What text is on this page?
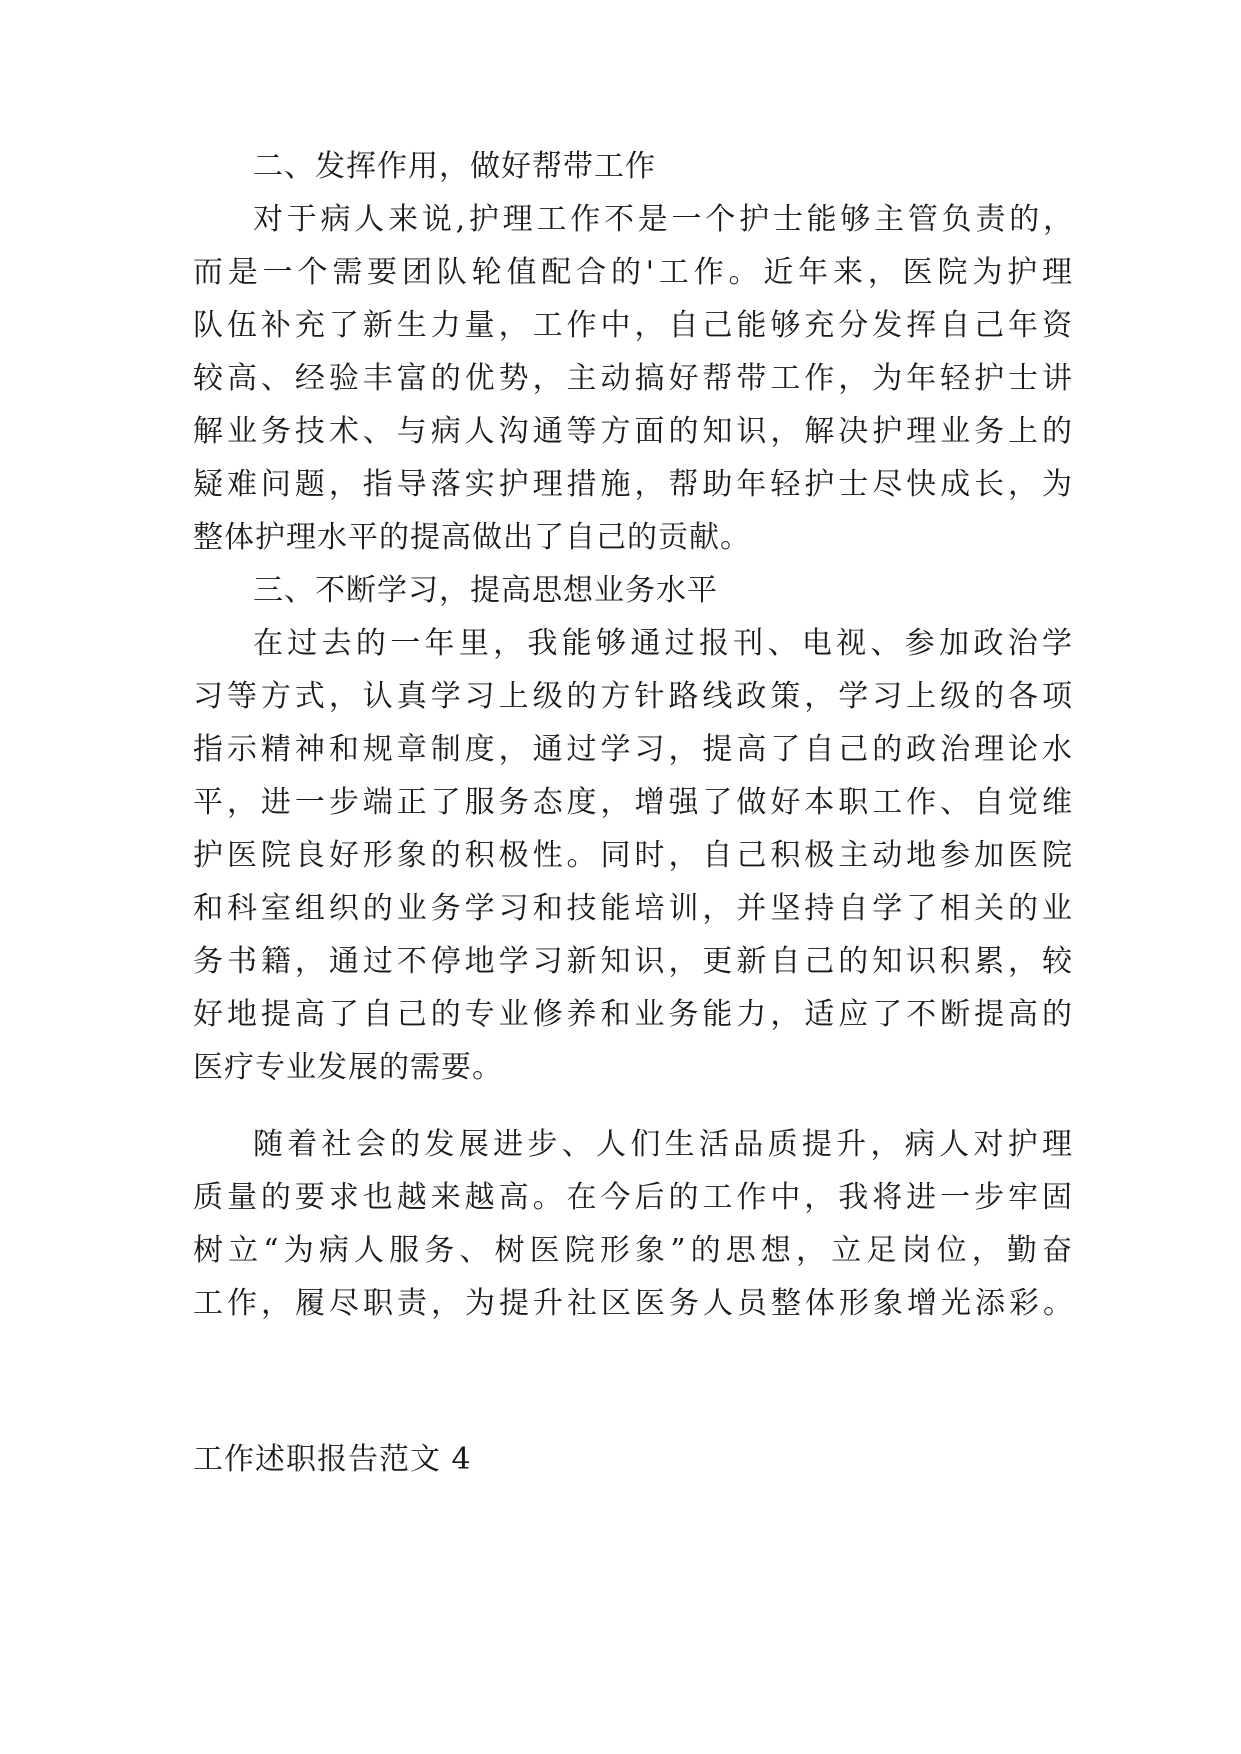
二、发挥作用，做好帮带工作
对于病人来说,护理工作不是一个护士能够主管负责的，
而是一个需要团队轮值配合的'工作。近年来，医院为护理
队伍补充了新生力量，工作中，自己能够充分发挥自己年资
较高、经验丰富的优势，主动搞好帮带工作，为年轻护士讲
解业务技术、与病人沟通等方面的知识，解决护理业务上的
疑难问题，指导落实护理措施，帮助年轻护士尽快成长，为
整体护理水平的提高做出了自己的贡献。
三、不断学习，提高思想业务水平
在过去的一年里，我能够通过报刊、电视、参加政治学
习等方式，认真学习上级的方针路线政策，学习上级的各项
指示精神和规章制度，通过学习，提高了自己的政治理论水
平，进一步端正了服务态度，增强了做好本职工作、自觉维
护医院良好形象的积极性。同时，自己积极主动地参加医院
和科室组织的业务学习和技能培训，并坚持自学了相关的业
务书籍，通过不停地学习新知识，更新自己的知识积累，较
好地提高了自己的专业修养和业务能力，适应了不断提高的
医疗专业发展的需要。
随着社会的发展进步、人们生活品质提升，病人对护理
质量的要求也越来越高。在今后的工作中，我将进一步牢固
树立“为病人服务、树医院形象”的思想，立足岗位，勤奋
工作，履尽职责，为提升社区医务人员整体形象增光添彩。
工作述职报告范文 4
